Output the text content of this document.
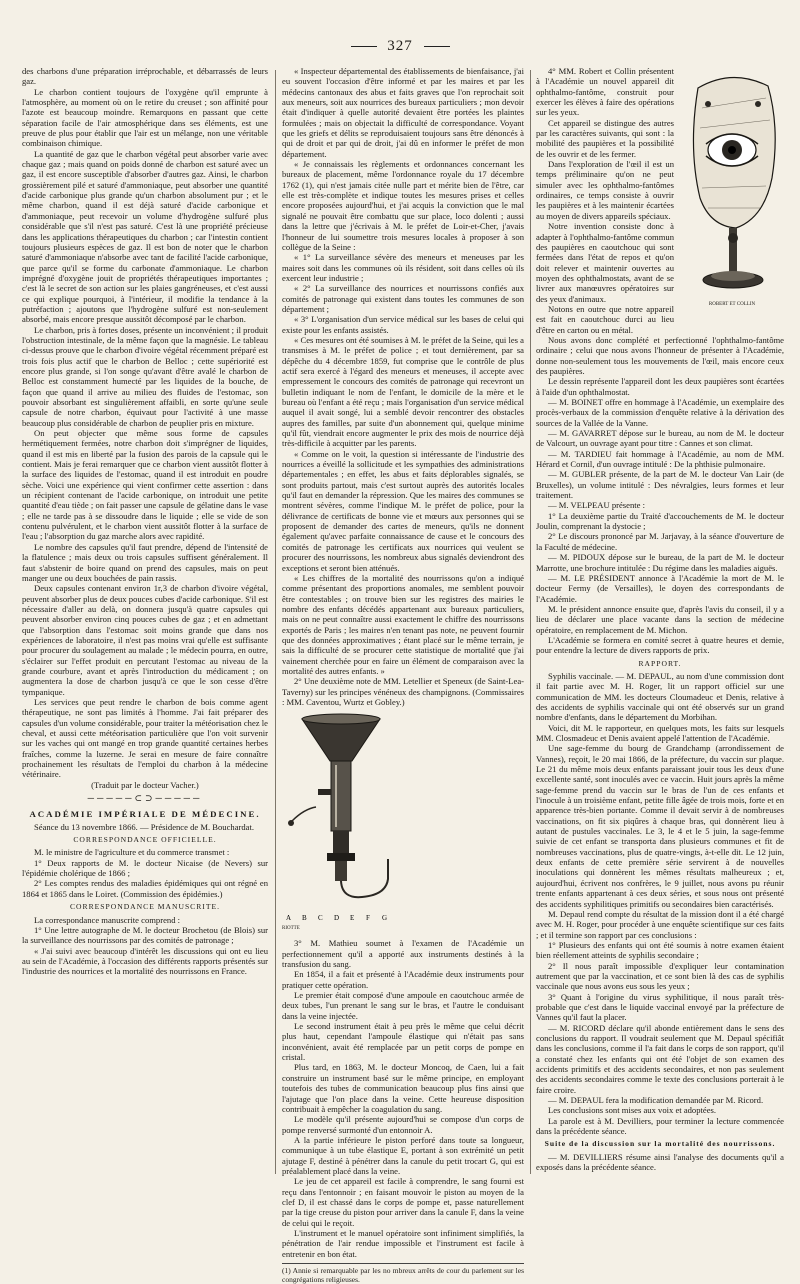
327

des charbons d'une préparation irréprochable, et débarrassés de leurs gaz.

Le charbon contient toujours de l'oxygène qu'il emprunte à l'atmosphère, au moment où on le retire du creuset ; son affinité pour l'azote est beaucoup moindre. Remarquons en passant que cette séparation facile de l'air atmosphérique dans ses éléments, est une preuve de plus pour établir que l'air est un mélange, non une véritable combinaison chimique.

La quantité de gaz que le charbon végétal peut absorber varie avec chaque gaz ; mais quand on poids donné de charbon est saturé avec un gaz, il est encore susceptible d'absorber d'autres gaz. Ainsi, le charbon grossièrement pilé et saturé d'ammoniaque, peut absorber une quantité d'acide carbonique plus grande qu'un charbon absolument pur ; et le même charbon, quand il est déjà saturé d'acide carbonique et d'ammoniaque, peut recevoir un volume d'hydrogène sulfuré plus considérable que s'il n'est pas saturé. C'est là une propriété précieuse dans les applications thérapeutiques du charbon ; car l'intestin contient toujours plusieurs espèces de gaz. Il est bon de noter que le charbon saturé d'ammoniaque n'absorbe avec tant de facilité l'acide carbonique, que parce qu'il se forme du carbonate d'ammoniaque. Le charbon imprégné d'oxygène jouit de propriétés thérapeutiques importantes ; c'est là le secret de son action sur les plaies gangréneuses, et c'est aussi ce qui explique pourquoi, à l'intérieur, il modifie la tendance à la putréfaction ; ajoutons que l'hydrogène sulfuré est non-seulement absorbé, mais encore presque aussitôt décomposé par le charbon.

Le charbon, pris à fortes doses, présente un inconvénient ; il produit l'obstruction intestinale, de la même façon que la magnésie. Le tableau ci-dessus prouve que le charbon d'ivoire végétal récemment préparé est trois fois plus actif que le charbon de Belloc ; cette supériorité est encore plus grande, si l'on songe qu'avant d'être avalé le charbon de Belloc est constamment humecté par les liquides de la bouche, de façon que quand il arrive au milieu des fluides de l'estomac, son pouvoir absorbant est singulièrement affaibli, en sorte qu'une seule capsule de notre charbon, équivaut pour l'activité à une masse beaucoup plus considérable de charbon de peuplier pris en mixture.

On peut objecter que même sous forme de capsules hermétiquement fermées, notre charbon doit s'imprégner de liquides, quand il est mis en liberté par la fusion des parois de la capsule qui le contient. Mais je ferai remarquer que ce charbon vient aussitôt flotter à la surface des liquides de l'estomac, quand il est introduit en poudre sèche. Voici une expérience qui vient confirmer cette assertion : dans un récipient contenant de l'acide carbonique, on introduit une petite quantité d'eau tiède ; on fait passer une capsule de gélatine dans le vase ; elle ne tarde pas à se dissoudre dans le liquide ; elle se vide de son contenu pulvérulent, et le charbon vient aussitôt flotter à la surface de l'eau ; l'absorption du gaz marche alors avec rapidité.

Le nombre des capsules qu'il faut prendre, dépend de l'intensité de la flatulence ; mais deux ou trois capsules suffisent généralement. Il faut s'abstenir de boire quand on prend des capsules, mais on peut manger une ou deux bouchées de pain rassis.

Deux capsules contenant environ 1r,3 de charbon d'ivoire végétal, peuvent absorber plus de deux pouces cubes d'acide carbonique. S'il est nécessaire d'aller au delà, on donnera jusqu'à quatre capsules qui peuvent absorber environ cinq pouces cubes de gaz ; et en admettant que l'absorption dans l'estomac soit moins grande que dans nos expériences de laboratoire, il n'est pas moins vrai qu'elle est suffisante pour procurer du soulagement au malade ; le médecin pourra, en outre, s'éclairer sur l'effet produit en percutant l'estomac au niveau de la grande courbure, avant et après l'introduction du médicament ; on augmentera la dose de charbon jusqu'à ce que le son cesse d'être tympanique.

Les services que peut rendre le charbon de bois comme agent thérapeutique, ne sont pas limités à l'homme. J'ai fait préparer des capsules d'un volume considérable, pour traiter la météorisation chez le cheval, et aussi cette météorisation particulière que l'on voit survenir sur les vaches qui ont mangé en trop grande quantité certaines herbes fraîches, comme la luzerne. Je serai en mesure de faire connaître prochainement les résultats de l'emploi du charbon à la médecine vétérinaire.

(Traduit par le docteur Vacher.)

─────⊂⊃─────
ACADÉMIE IMPÉRIALE DE MÉDECINE.

Séance du 13 novembre 1866. — Présidence de M. Bouchardat.

CORRESPONDANCE OFFICIELLE.

M. le ministre de l'agriculture et du commerce transmet :

1° Deux rapports de M. le docteur Nicaise (de Nevers) sur l'épidémie cholérique de 1866 ;

2° Les comptes rendus des maladies épidémiques qui ont régné en 1864 et 1865 dans le Loiret. (Commission des épidémies.)

CORRESPONDANCE MANUSCRITE.

La correspondance manuscrite comprend :

1° Une lettre autographe de M. le docteur Brochetou (de Blois) sur la surveillance des nourrissons par des comités de patronage ;

« J'ai suivi avec beaucoup d'intérêt les discussions qui ont eu lieu au sein de l'Académie, à l'occasion des différents rapports présentés sur l'industrie des nourrices et la mortalité des nourrissons en France.

« Inspecteur départemental des établissements de bienfaisance, j'ai eu souvent l'occasion d'être informé et par les maires et par les médecins cantonaux des abus et faits graves que l'on reprochait soit aux meneurs, soit aux nourrices des bureaux particuliers ; mon devoir était d'indiquer à quelle autorité devaient être portées les plaintes formulées ; mais on objectait la difficulté de correspondance. Voyant que les griefs et délits se reproduisaient toujours sans être dénoncés à qui de droit et par qui de droit, j'ai dû en informer le préfet de mon département.

« Je connaissais les règlements et ordonnances concernant les bureaux de placement, même l'ordonnance royale du 17 décembre 1762 (1), qui n'est jamais citée nulle part et mérite bien de l'être, car elle est très-complète et indique toutes les mesures prises et celles encore proposées aujourd'hui, et j'ai acquis la conviction que le mal signalé ne pouvait être combattu que sur place, loco dolenti ; aussi dans la lettre que j'écrivais à M. le préfet de Loir-et-Cher, j'avais l'honneur de lui soumettre trois mesures locales à proposer à son collègue de la Seine :

« 1° La surveillance sévère des meneurs et meneuses par les maires soit dans les communes où ils résident, soit dans celles où ils exercent leur industrie ;

« 2° La surveillance des nourrices et nourrissons confiés aux comités de patronage qui existent dans toutes les communes de son département ;

« 3° L'organisation d'un service médical sur les bases de celui qui existe pour les enfants assistés.

« Ces mesures ont été soumises à M. le préfet de la Seine, qui les a transmises à M. le préfet de police ; et tout dernièrement, par sa dépêche du 4 décembre 1859, fut comprise que le contrôle de plus actif sera exercé à l'égard des meneurs et meneuses, il accepte avec empressement le concours des comités de patronage qui recevront un bulletin indiquant le nom de l'enfant, le domicile de la mère et le bureau où l'enfant a été reçu ; mais l'organisation d'un service médical auquel il avait songé, lui a semblé devoir rencontrer des obstacles aupres des familles, par suite d'un abonnement qui, quelque minime qu'il fût, viendrait encore augmenter le prix des mois de nourrice déjà très-difficile à acquitter par les parents.

« Comme on le voit, la question si intéressante de l'industrie des nourrices a éveillé la sollicitude et les sympathies des administrations départementales ; en effet, les abus et faits déplorables signalés, se sont produits partout, mais c'est surtout auprès des autorités locales qu'il faut en demander la répression. Que les maires des communes se montrent sévères, comme l'indique M. le préfet de police, pour la délivrance de certificats de bonne vie et mœurs aux personnes qui se proposent de demander des cartes de meneurs, qu'ils ne donnent également qu'avec parfaite connaissance de cause et le concours des comités de patronage les certificats aux nourrices qui veulent se procurer des nourrissons, les nombreux abus signalés deviendront des exceptions et seront bien atténués.

« Les chiffres de la mortalité des nourrissons qu'on a indiqué comme présentant des proportions anomales, me semblent pouvoir être contestables ; on trouve bien sur les registres des mairies le nombre des enfants décédés appartenant aux bureaux particuliers, mais on ne peut connaître aussi exactement le chiffre des nourrissons exportés de Paris ; les maires n'en tenant pas note, ne peuvent fournir que des données approximatives ; étant placé sur le même terrain, je sais la difficulté de se procurer cette statistique de mortalité que j'ai vainement cherchée pour en faire un élément de comparaison avec la mortalité des autres enfants. »

2° Une deuxième note de MM. Letellier et Speneux (de Saint-Lea-Taverny) sur les principes vénéneux des champignons. (Commissaires : MM. Caventou, Wurtz et Gobley.)

A B C D E F G
RIOTTE

3° M. Mathieu soumet à l'examen de l'Académie un perfectionnement qu'il a apporté aux instruments destinés à la transfusion du sang.

En 1854, il a fait et présenté à l'Académie deux instruments pour pratiquer cette opération.

Le premier était composé d'une ampoule en caoutchouc armée de deux tubes, l'un prenant le sang sur le bras, et l'autre le conduisant dans la veine injectée.

Le second instrument était à peu près le même que celui décrit plus haut, cependant l'ampoule élastique qui n'était pas sans inconvénient, avait été remplacée par un petit corps de pompe en cristal.

Plus tard, en 1863, M. le docteur Moncoq, de Caen, lui a fait construire un instrument basé sur le même principe, en employant toutefois des tubes de communication beaucoup plus fins ainsi que l'ajutage que l'on place dans la veine. Cette heureuse disposition contribuait à empêcher la coagulation du sang.

Le modèle qu'il présente aujourd'hui se compose d'un corps de pompe renversé surmonté d'un entonnoir A.

A la partie inférieure le piston perforé dans toute sa longueur, communique à un tube élastique E, portant à son extrémité un petit ajutage F, destiné à pénétrer dans la canule du petit trocart G, qui est préalablement placé dans la veine.

Le jeu de cet appareil est facile à comprendre, le sang fourni est reçu dans l'entonnoir ; en faisant mouvoir le piston au moyen de la clef D, il est chassé dans le corps de pompe et, passe naturellement par la tige creuse du piston pour arriver dans la canule F, dans la veine de celui qui le reçoit.

L'instrument et le manuel opératoire sont infiniment simplifiés, la pénétration de l'air rendue impossible et l'instrument est facile à entretenir en bon état.

(1) Annie si remarquable par les no mbreux arrêts de cour du parlement sur les congrégations religieuses.
ROBERT ET COLLIN

4° MM. Robert et Collin présentent à l'Académie un nouvel appareil dit ophthalmo-fantôme, construit pour exercer les élèves à faire des opérations sur les yeux.

Cet appareil se distingue des autres par les caractères suivants, qui sont : la mobilité des paupières et la possibilité de les ouvrir et de les fermer.

Dans l'exploration de l'œil il est un temps préliminaire qu'on ne peut simuler avec les ophthalmo-fantômes ordinaires, ce temps consiste à ouvrir les paupières et à les maintenir écartées au moyen de divers appareils spéciaux.

Notre invention consiste donc à adapter à l'ophthalmo-fantôme commun des paupières en caoutchouc qui sont fermées dans l'état de repos et qu'on doit relever et maintenir ouvertes au moyen des ophthalmostats, avant de se livrer aux manœuvres opératoires sur des yeux d'animaux.

Notons en outre que notre appareil est fait en caoutchouc durci au lieu d'être en carton ou en métal.

Nous avons donc complété et perfectionné l'ophthalmo-fantôme ordinaire ; celui que nous avons l'honneur de présenter à l'Académie, donne non-seulement tous les mouvements de l'œil, mais encore ceux des paupières.

Le dessin représente l'appareil dont les deux paupières sont écartées à l'aide d'un ophthalmostat.

— M. BOINET offre en hommage à l'Académie, un exemplaire des procès-verbaux de la commission d'enquête relative à la dérivation des sources de la Vallée de la Vanne.

— M. GAVARRET dépose sur le bureau, au nom de M. le docteur de Valcourt, un ouvrage ayant pour titre : Cannes et son climat.

— M. TARDIEU fait hommage à l'Académie, au nom de MM. Hérard et Cornil, d'un ouvrage intitulé : De la phthisie pulmonaire.

— M. GUBLER présente, de la part de M. le docteur Van Lair (de Bruxelles), un volume intitulé : Des névralgies, leurs formes et leur traitement.

— M. VELPEAU présente :

1° La deuxième partie du Traité d'accouchements de M. le docteur Joulin, comprenant la dystocie ;

2° Le discours prononcé par M. Jarjavay, à la séance d'ouverture de la Faculté de médecine.

— M. PIDOUX dépose sur le bureau, de la part de M. le docteur Marrotte, une brochure intitulée : Du régime dans les maladies aiguës.

— M. LE PRÉSIDENT annonce à l'Académie la mort de M. le docteur Fermy (de Versailles), le doyen des correspondants de l'Académie.

M. le président annonce ensuite que, d'après l'avis du conseil, il y a lieu de déclarer une place vacante dans la section de médecine opératoire, en remplacement de M. Michon.

L'Académie se formera en comité secret à quatre heures et demie, pour entendre la lecture de divers rapports de prix.

RAPPORT.

Syphilis vaccinale. — M. DEPAUL, au nom d'une commission dont il fait partie avec M. H. Roger, lit un rapport officiel sur une communication de MM. les docteurs Cloumadeuc et Denis, relative à des accidents de syphilis vaccinale qui ont été observés sur un grand nombre d'enfants, dans le département du Morbihan.

Voici, dit M. le rapporteur, en quelques mots, les faits sur lesquels MM. Closmadeuc et Denis avaient appelé l'attention de l'Académie.

Une sage-femme du bourg de Grandchamp (arrondissement de Vannes), reçoit, le 20 mai 1866, de la préfecture, du vaccin sur plaque. Le 21 du même mois deux enfants paraissant jouir tous les deux d'une excellente santé, sont inoculés avec ce vaccin. Huit jours après la même sage-femme prend du vaccin sur le bras de l'un de ces enfants et l'inocule à un troisième enfant, petite fille âgée de trois mois, forte et en apparence très-bien portante. Comme il devait servir à de nombreuses vaccinations, on fit six piqûres à chaque bras, qui donnèrent lieu à autant de pustules vaccinales. Le 3, le 4 et le 5 juin, la sage-femme suivie de cet enfant se transporta dans plusieurs communes et fit de nombreuses vaccinations, plus de quatre-vingts, à-t-elle dit. Le 12 juin, deux enfants de cette première série servirent à de nouvelles inoculations qui donnèrent les mêmes résultats malheureux ; et, aujourd'hui, écrivent nos confrères, le 9 juillet, nous avons pu réunir trente enfants appartenant à ces deux séries, et sous nous ont présenté des accidents syphilitiques primitifs ou secondaires bien caractérisés.

M. Depaul rend compte du résultat de la mission dont il a été chargé avec M. H. Roger, pour procéder à une enquête scientifique sur ces faits ; et il termine son rapport par ces conclusions :

1° Plusieurs des enfants qui ont été soumis à notre examen étaient bien réellement atteints de syphilis secondaire ;

2° Il nous paraît impossible d'expliquer leur contamination autrement que par la vaccination, et ce sont bien là des cas de syphilis vaccinale que nous avons eus sous les yeux ;

3° Quant à l'origine du virus syphilitique, il nous paraît très-probable que c'est dans le liquide vaccinal envoyé par la préfecture de Vannes qu'il faut la placer.

— M. RICORD déclare qu'il abonde entièrement dans le sens des conclusions du rapport. Il voudrait seulement que M. Depaul spécifiât dans les conclusions, comme il l'a fait dans le corps de son rapport, qu'il a constaté chez les enfants qui ont été l'objet de son examen des accidents primitifs et des accidents secondaires, et non pas seulement des accidents secondaires comme le texte des conclusions porterait à le faire croire.

— M. DEPAUL fera la modification demandée par M. Ricord.

Les conclusions sont mises aux voix et adoptées.

La parole est à M. Devilliers, pour terminer la lecture commencée dans la précédente séance.

Suite de la discussion sur la mortalité des nourrissons.

— M. DEVILLIERS résume ainsi l'analyse des documents qu'il a exposés dans la précédente séance.
